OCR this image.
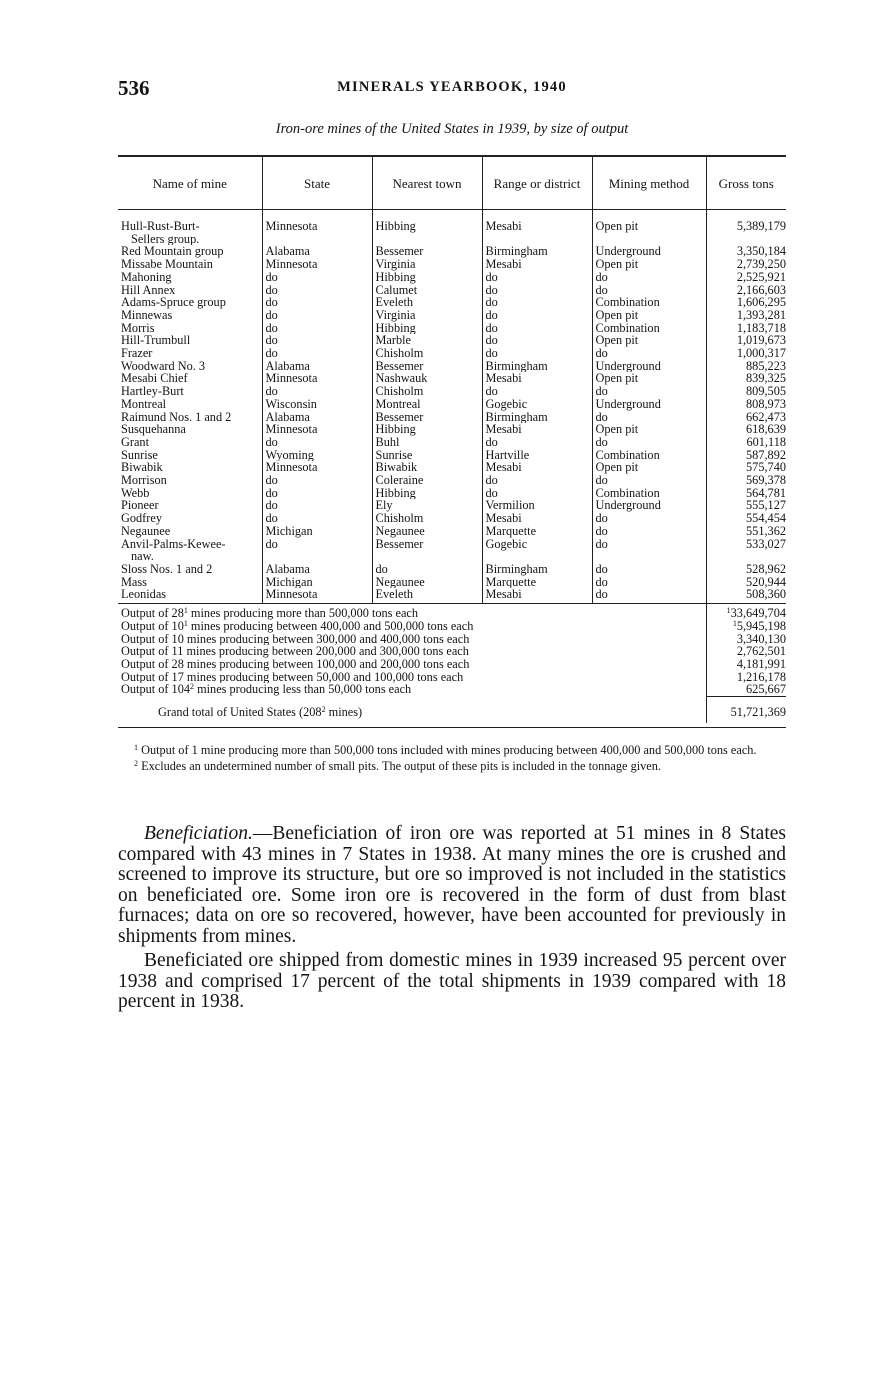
536	MINERALS YEARBOOK, 1940
Iron-ore mines of the United States in 1939, by size of output
Name of mine	State	Nearest town	Range or district	Mining method	Gross tons

Hull-Rust-Burt-
Sellers group.	Minnesota	Hibbing	Mesabi	Open pit	5,389,179
Red Mountain group	Alabama	Bessemer	Birmingham	Underground	3,350,184
Missabe Mountain	Minnesota	Virginia	Mesabi	Open pit	2,739,250
Mahoning	do	Hibbing	do	do	2,525,921
Hill Annex	do	Calumet	do	do	2,166,603
Adams-Spruce group	do	Eveleth	do	Combination	1,606,295
Minnewas	do	Virginia	do	Open pit	1,393,281
Morris	do	Hibbing	do	Combination	1,183,718
Hill-Trumbull	do	Marble	do	Open pit	1,019,673
Frazer	do	Chisholm	do	do	1,000,317
Woodward No. 3	Alabama	Bessemer	Birmingham	Underground	885,223
Mesabi Chief	Minnesota	Nashwauk	Mesabi	Open pit	839,325
Hartley-Burt	do	Chisholm	do	do	809,505
Montreal	Wisconsin	Montreal	Gogebic	Underground	808,973
Raimund Nos. 1 and 2	Alabama	Bessemer	Birmingham	do	662,473
Susquehanna	Minnesota	Hibbing	Mesabi	Open pit	618,639
Grant	do	Buhl	do	do	601,118
Sunrise	Wyoming	Sunrise	Hartville	Combination	587,892
Biwabik	Minnesota	Biwabik	Mesabi	Open pit	575,740
Morrison	do	Coleraine	do	do	569,378
Webb	do	Hibbing	do	Combination	564,781
Pioneer	do	Ely	Vermilion	Underground	555,127
Godfrey	do	Chisholm	Mesabi	do	554,454
Negaunee	Michigan	Negaunee	Marquette	do	551,362
Anvil-Palms-Kewee-
naw.	do	Bessemer	Gogebic	do	533,027
Sloss Nos. 1 and 2	Alabama	do	Birmingham	do	528,962
Mass	Michigan	Negaunee	Marquette	do	520,944
Leonidas	Minnesota	Eveleth	Mesabi	do	508,360
Output of $28^1$ mines producing more than 500,000 tons each					$^1$33,649,704
Output of $10^1$ mines producing between 400,000 and 500,000 tons each					$^1$5,945,198
Output of 10 mines producing between 300,000 and 400,000 tons each					3,340,130
Output of 11 mines producing between 200,000 and 300,000 tons each					2,762,501
Output of 28 mines producing between 100,000 and 200,000 tons each					4,181,991
Output of 17 mines producing between 50,000 and 100,000 tons each					1,216,178
Output of $104^2$ mines producing less than 50,000 tons each					625,667
Grand total of United States ($208^2$ mines)					51,721,369

$^1$ Output of 1 mine producing more than 500,000 tons included with mines producing between 400,000 and 500,000 tons each.

$^2$ Excludes an undetermined number of small pits. The output of these pits is included in the tonnage given.

Beneficiation.—Beneficiation of iron ore was reported at 51 mines in 8 States compared with 43 mines in 7 States in 1938. At many mines the ore is crushed and screened to improve its structure, but ore so improved is not included in the statistics on beneficiated ore. Some iron ore is recovered in the form of dust from blast furnaces; data on ore so recovered, however, have been accounted for previously in shipments from mines.

Beneficiated ore shipped from domestic mines in 1939 increased 95 percent over 1938 and comprised 17 percent of the total shipments in 1939 compared with 18 percent in 1938.
